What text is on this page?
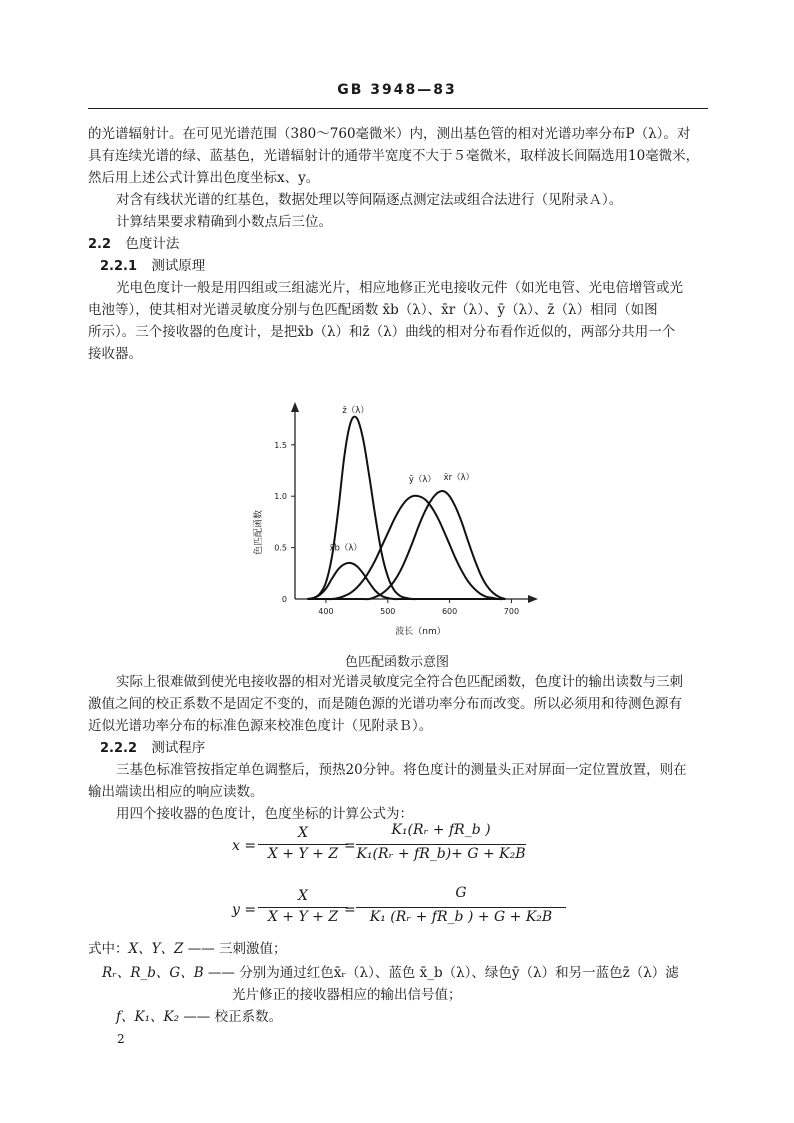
GB 3948—83
的光谱辐射计。在可见光谱范围（380～760毫微米）内，测出基色管的相对光谱功率分布P（λ）。对
具有连续光谱的绿、蓝基色，光谱辐射计的通带半宽度不大于５毫微米，取样波长间隔选用10毫微米，
然后用上述公式计算出色度坐标x、y。
对含有线状光谱的红基色，数据处理以等间隔逐点测定法或组合法进行（见附录Ａ）。
计算结果要求精确到小数点后三位。
2.2 色度计法
2.2.1 测试原理
光电色度计一般是用四组或三组滤光片，相应地修正光电接收元件（如光电管、光电倍增管或光
电池等），使其相对光谱灵敏度分别与色匹配函数 x̄b（λ）、x̄r（λ）、ȳ（λ）、z̄（λ）相同（如图
所示）。三个接收器的色度计，是把x̄b（λ）和z̄（λ）曲线的相对分布看作近似的，两部分共用一个
接收器。
400	500	600	700
0.5
1.0
1.5
0
波长（nm）
色匹配函数
z̄（λ）
x̄b（λ）
ȳ（λ） x̄r（λ）
色匹配函数示意图
实际上很难做到使光电接收器的相对光谱灵敏度完全符合色匹配函数，色度计的输出读数与三刺
激值之间的校正系数不是固定不变的，而是随色源的光谱功率分布而改变。所以必须用和待测色源有
近似光谱功率分布的标准色源来校准色度计（见附录Ｂ）。
2.2.2 测试程序
三基色标准管按指定单色调整后，预热20分钟。将色度计的测量头正对屏面一定位置放置，则在
输出端读出相应的响应读数。
用四个接收器的色度计，色度坐标的计算公式为：
x =
X
X + Y + Z =
K₁(Rᵣ + fR_b )
K₁(Rᵣ + fR_b)+ G + K₂B
y =
X
X + Y + Z =
G
K₁ (Rᵣ + fR_b ) + G + K₂B
式中：X、Y、Z —— 三刺激值；
Rᵣ、R_b、G、B —— 分别为通过红色x̄ᵣ（λ）、蓝色 x̄_b（λ）、绿色ȳ（λ）和另一蓝色z̄（λ）滤
光片修正的接收器相应的输出信号值；
f、K₁、K₂ —— 校正系数。
2
